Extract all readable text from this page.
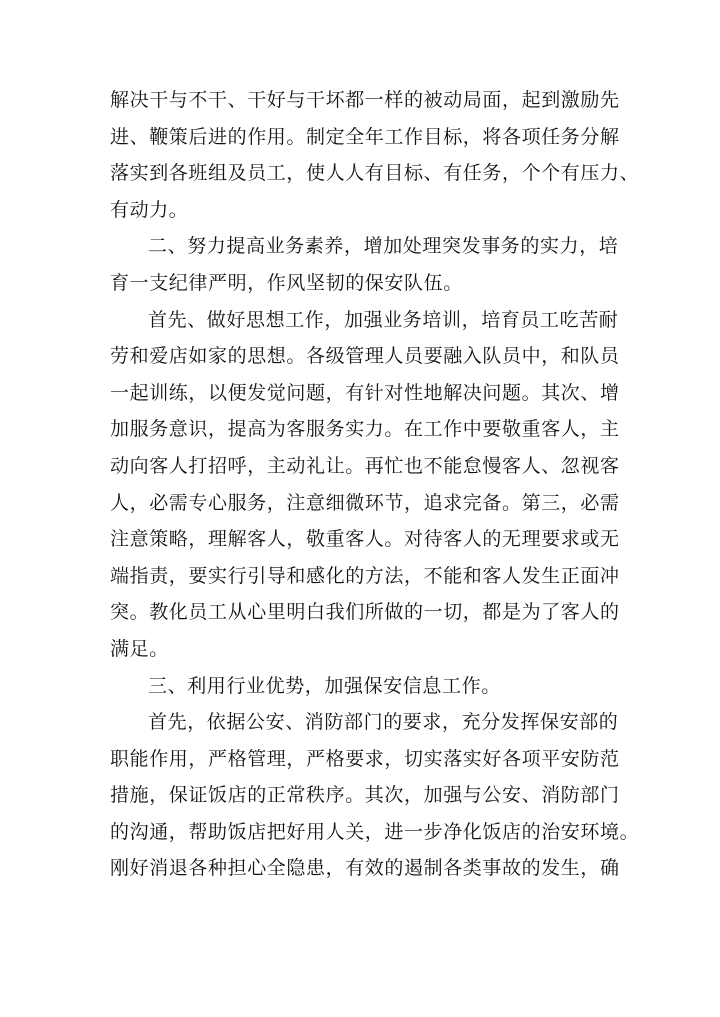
解决干与不干、干好与干坏都一样的被动局面，起到激励先
进、鞭策后进的作用。制定全年工作目标，将各项任务分解
落实到各班组及员工，使人人有目标、有任务，个个有压力、
有动力。
二、努力提高业务素养，增加处理突发事务的实力，培
育一支纪律严明，作风坚韧的保安队伍。
首先、做好思想工作，加强业务培训，培育员工吃苦耐
劳和爱店如家的思想。各级管理人员要融入队员中，和队员
一起训练，以便发觉问题，有针对性地解决问题。其次、增
加服务意识，提高为客服务实力。在工作中要敬重客人，主
动向客人打招呼，主动礼让。再忙也不能怠慢客人、忽视客
人，必需专心服务，注意细微环节，追求完备。第三，必需
注意策略，理解客人，敬重客人。对待客人的无理要求或无
端指责，要实行引导和感化的方法，不能和客人发生正面冲
突。教化员工从心里明白我们所做的一切，都是为了客人的
满足。
三、利用行业优势，加强保安信息工作。
首先，依据公安、消防部门的要求，充分发挥保安部的
职能作用，严格管理，严格要求，切实落实好各项平安防范
措施，保证饭店的正常秩序。其次，加强与公安、消防部门
的沟通，帮助饭店把好用人关，进一步净化饭店的治安环境。
刚好消退各种担心全隐患，有效的遏制各类事故的发生，确
